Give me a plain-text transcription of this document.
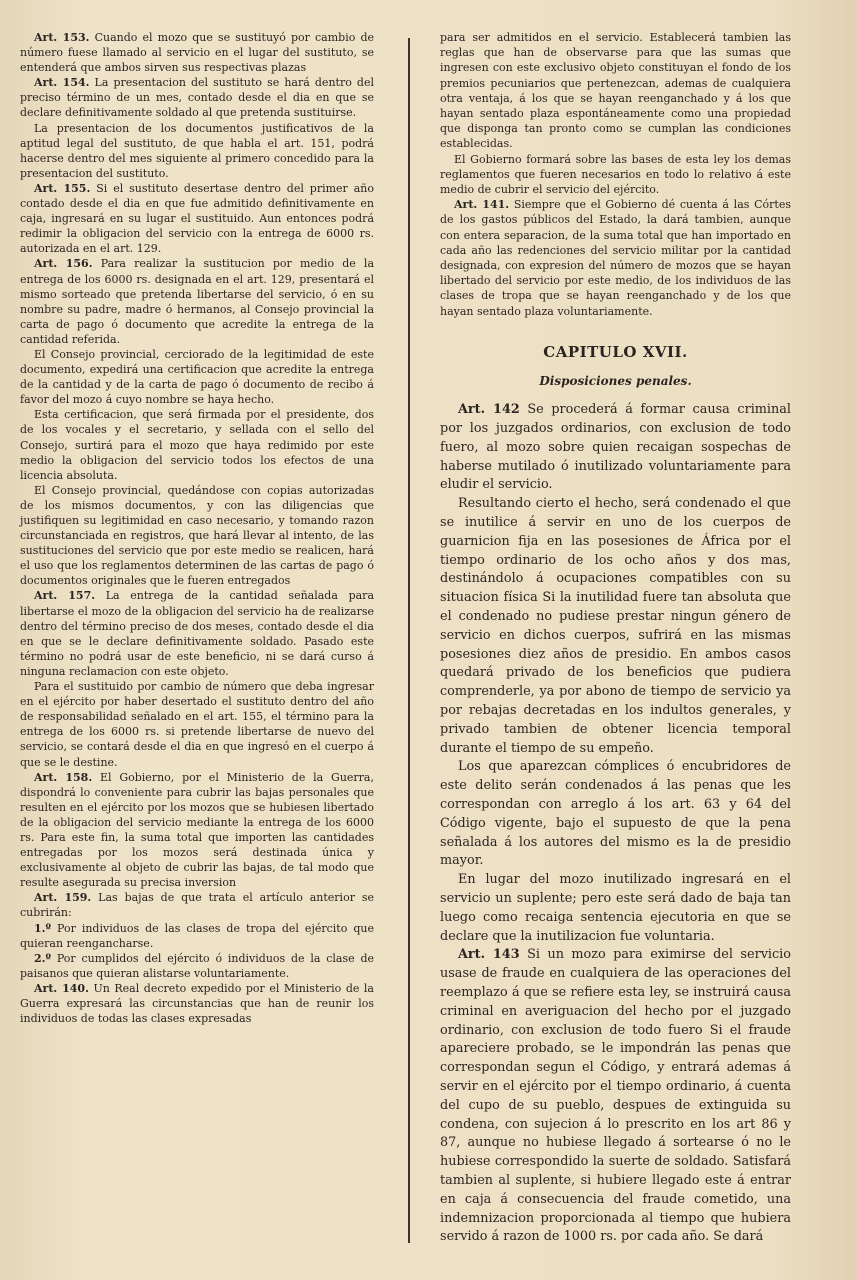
Art. 153. Cuando el mozo que se sustituyó por cambio de número fuese llamado al servicio en el lugar del sustituto, se entenderá que ambos sirven sus respectivas plazas

Art. 154. La presentacion del sustituto se hará dentro del preciso término de un mes, contado desde el dia en que se declare definitivamente soldado al que pretenda sustituirse.

La presentacion de los documentos justificativos de la aptitud legal del sustituto, de que habla el art. 151, podrá hacerse dentro del mes siguiente al primero concedido para la presentacion del sustituto.

Art. 155. Si el sustituto desertase dentro del primer año contado desde el dia en que fue admitido definitivamente en caja, ingresará en su lugar el sustituido. Aun entonces podrá redimir la obligacion del servicio con la entrega de 6000 rs. autorizada en el art. 129.

Art. 156. Para realizar la sustitucion por medio de la entrega de los 6000 rs. designada en el art. 129, presentará el mismo sorteado que pretenda libertarse del servicio, ó en su nombre su padre, madre ó hermanos, al Consejo provincial la carta de pago ó documento que acredite la entrega de la cantidad referida.

El Consejo provincial, cerciorado de la legitimidad de este documento, expedirá una certificacion que acredite la entrega de la cantidad y de la carta de pago ó documento de recibo á favor del mozo á cuyo nombre se haya hecho.

Esta certificacion, que será firmada por el presidente, dos de los vocales y el secretario, y sellada con el sello del Consejo, surtirá para el mozo que haya redimido por este medio la obligacion del servicio todos los efectos de una licencia absoluta.

El Consejo provincial, quedándose con copias autorizadas de los mismos documentos, y con las diligencias que justifiquen su legitimidad en caso necesario, y tomando razon circunstanciada en registros, que hará llevar al intento, de las sustituciones del servicio que por este medio se realicen, hará el uso que los reglamentos determinen de las cartas de pago ó documentos originales que le fueren entregados

Art. 157. La entrega de la cantidad señalada para libertarse el mozo de la obligacion del servicio ha de realizarse dentro del término preciso de dos meses, contado desde el dia en que se le declare definitivamente soldado. Pasado este término no podrá usar de este beneficio, ni se dará curso á ninguna reclamacion con este objeto.

Para el sustituido por cambio de número que deba ingresar en el ejército por haber desertado el sustituto dentro del año de responsabilidad señalado en el art. 155, el término para la entrega de los 6000 rs. si pretende libertarse de nuevo del servicio, se contará desde el dia en que ingresó en el cuerpo á que se le destine.

Art. 158. El Gobierno, por el Ministerio de la Guerra, dispondrá lo conveniente para cubrir las bajas personales que resulten en el ejército por los mozos que se hubiesen libertado de la obligacion del servicio mediante la entrega de los 6000 rs. Para este fin, la suma total que importen las cantidades entregadas por los mozos será destinada única y exclusivamente al objeto de cubrir las bajas, de tal modo que resulte asegurada su precisa inversion

Art. 159. Las bajas de que trata el artículo anterior se cubrirán:

1.º Por individuos de las clases de tropa del ejército que quieran reengancharse.

2.º Por cumplidos del ejército ó individuos de la clase de paisanos que quieran alistarse voluntariamente.

Art. 140. Un Real decreto expedido por el Ministerio de la Guerra expresará las circunstancias que han de reunir los individuos de todas las clases expresadas

para ser admitidos en el servicio. Establecerá tambien las reglas que han de observarse para que las sumas que ingresen con este exclusivo objeto constituyan el fondo de los premios pecuniarios que pertenezcan, ademas de cualquiera otra ventaja, á los que se hayan reenganchado y á los que hayan sentado plaza espontáneamente como una propiedad que disponga tan pronto como se cumplan las condiciones establecidas.

El Gobierno formará sobre las bases de esta ley los demas reglamentos que fueren necesarios en todo lo relativo á este medio de cubrir el servicio del ejército.

Art. 141. Siempre que el Gobierno dé cuenta á las Córtes de los gastos públicos del Estado, la dará tambien, aunque con entera separacion, de la suma total que han importado en cada año las redenciones del servicio militar por la cantidad designada, con expresion del número de mozos que se hayan libertado del servicio por este medio, de los individuos de las clases de tropa que se hayan reenganchado y de los que hayan sentado plaza voluntariamente.

CAPITULO XVII.
Disposiciones penales.

Art. 142 Se procederá á formar causa criminal por los juzgados ordinarios, con exclusion de todo fuero, al mozo sobre quien recaigan sospechas de haberse mutilado ó inutilizado voluntariamente para eludir el servicio.

Resultando cierto el hecho, será condenado el que se inutilice á servir en uno de los cuerpos de guarnicion fija en las posesiones de África por el tiempo ordinario de los ocho años y dos mas, destinándolo á ocupaciones compatibles con su situacion física Si la inutilidad fuere tan absoluta que el condenado no pudiese prestar ningun género de servicio en dichos cuerpos, sufrirá en las mismas posesiones diez años de presidio. En ambos casos quedará privado de los beneficios que pudiera comprenderle, ya por abono de tiempo de servicio ya por rebajas decretadas en los indultos generales, y privado tambien de obtener licencia temporal durante el tiempo de su empeño.

Los que aparezcan cómplices ó encubridores de este delito serán condenados á las penas que les correspondan con arreglo á los art. 63 y 64 del Código vigente, bajo el supuesto de que la pena señalada á los autores del mismo es la de presidio mayor.

En lugar del mozo inutilizado ingresará en el servicio un suplente; pero este será dado de baja tan luego como recaiga sentencia ejecutoria en que se declare que la inutilizacion fue voluntaria.

Art. 143 Si un mozo para eximirse del servicio usase de fraude en cualquiera de las operaciones del reemplazo á que se refiere esta ley, se instruirá causa criminal en averiguacion del hecho por el juzgado ordinario, con exclusion de todo fuero Si el fraude apareciere probado, se le impondrán las penas que correspondan segun el Código, y entrará ademas á servir en el ejército por el tiempo ordinario, á cuenta del cupo de su pueblo, despues de extinguida su condena, con sujecion á lo prescrito en los art 86 y 87, aunque no hubiese llegado á sortearse ó no le hubiese correspondido la suerte de soldado. Satisfará tambien al suplente, si hubiere llegado este á entrar en caja á consecuencia del fraude cometido, una indemnizacion proporcionada al tiempo que hubiera servido á razon de 1000 rs. por cada año. Se dará
